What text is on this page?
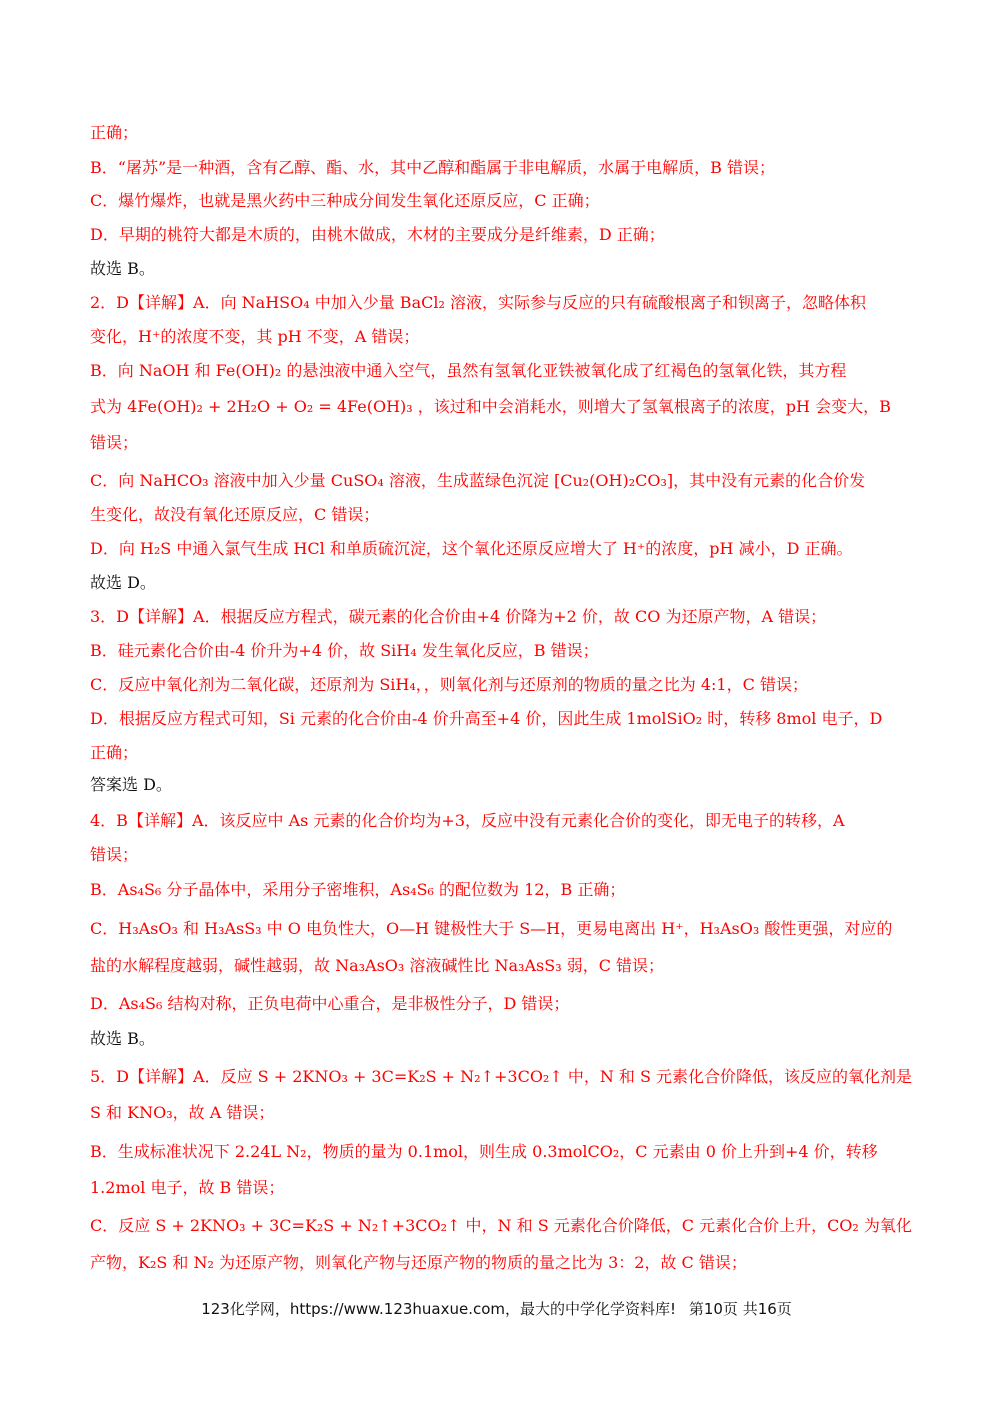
正确；
B．“屠苏”是一种酒，含有乙醇、酯、水，其中乙醇和酯属于非电解质，水属于电解质，B 错误；
C．爆竹爆炸，也就是黑火药中三种成分间发生氧化还原反应，C 正确；
D．早期的桃符大都是木质的，由桃木做成，木材的主要成分是纤维素，D 正确；
故选 B。
2．D【详解】A．向 NaHSO₄ 中加入少量 BaCl₂ 溶液，实际参与反应的只有硫酸根离子和钡离子，忽略体积
变化，H⁺的浓度不变，其 pH 不变，A 错误；
B．向 NaOH 和 Fe(OH)₂ 的悬浊液中通入空气，虽然有氢氧化亚铁被氧化成了红褐色的氢氧化铁，其方程
式为 4Fe(OH)₂ + 2H₂O + O₂ = 4Fe(OH)₃ ，该过和中会消耗水，则增大了氢氧根离子的浓度，pH 会变大，B
错误；
C．向 NaHCO₃ 溶液中加入少量 CuSO₄ 溶液，生成蓝绿色沉淀 [Cu₂(OH)₂CO₃]，其中没有元素的化合价发
生变化，故没有氧化还原反应，C 错误；
D．向 H₂S 中通入氯气生成 HCl 和单质硫沉淀，这个氧化还原反应增大了 H⁺的浓度，pH 减小，D 正确。
故选 D。
3．D【详解】A．根据反应方程式，碳元素的化合价由+4 价降为+2 价，故 CO 为还原产物，A 错误；
B．硅元素化合价由-4 价升为+4 价，故 SiH₄ 发生氧化反应，B 错误；
C．反应中氧化剂为二氧化碳，还原剂为 SiH₄，，则氧化剂与还原剂的物质的量之比为 4:1，C 错误；
D．根据反应方程式可知，Si 元素的化合价由-4 价升高至+4 价，因此生成 1molSiO₂ 时，转移 8mol 电子，D
正确；
答案选 D。
4．B【详解】A．该反应中 As 元素的化合价均为+3，反应中没有元素化合价的变化，即无电子的转移，A
错误；
B．As₄S₆ 分子晶体中，采用分子密堆积，As₄S₆ 的配位数为 12，B 正确；
C．H₃AsO₃ 和 H₃AsS₃ 中 O 电负性大，O—H 键极性大于 S—H，更易电离出 H⁺，H₃AsO₃ 酸性更强，对应的
盐的水解程度越弱，碱性越弱，故 Na₃AsO₃ 溶液碱性比 Na₃AsS₃ 弱，C 错误；
D．As₄S₆ 结构对称，正负电荷中心重合，是非极性分子，D 错误；
故选 B。
5．D【详解】A．反应 S + 2KNO₃ + 3C=K₂S + N₂↑+3CO₂↑ 中，N 和 S 元素化合价降低，该反应的氧化剂是
S 和 KNO₃，故 A 错误；
B．生成标准状况下 2.24L N₂，物质的量为 0.1mol，则生成 0.3molCO₂，C 元素由 0 价上升到+4 价，转移
1.2mol 电子，故 B 错误；
C．反应 S + 2KNO₃ + 3C=K₂S + N₂↑+3CO₂↑ 中，N 和 S 元素化合价降低，C 元素化合价上升，CO₂ 为氧化
产物，K₂S 和 N₂ 为还原产物，则氧化产物与还原产物的物质的量之比为 3：2，故 C 错误；
123化学网，https://www.123huaxue.com，最大的中学化学资料库! 第10页 共16页
